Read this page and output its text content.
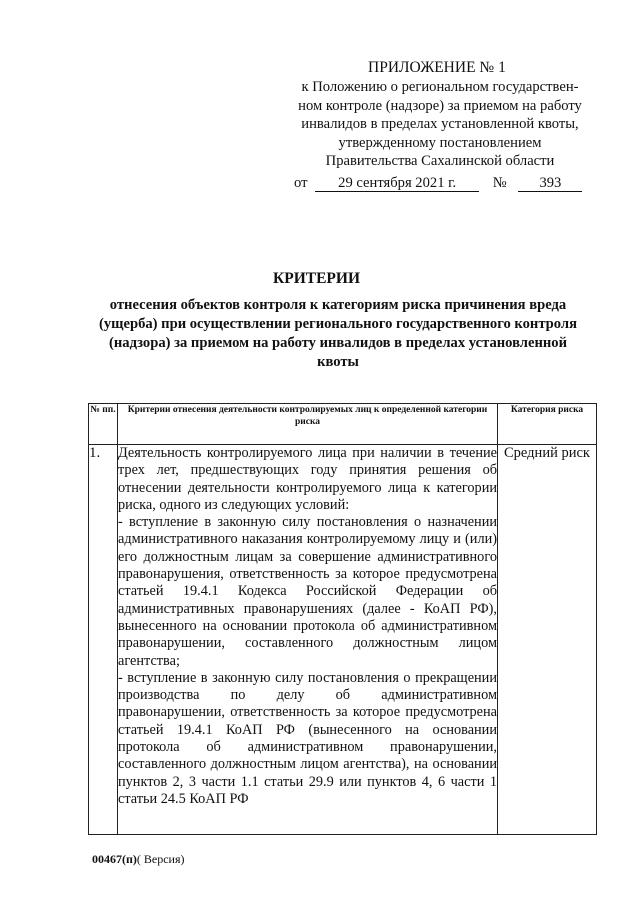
ПРИЛОЖЕНИЕ № 1
к Положению о региональном государствен-
ном контроле (надзоре) за приемом на работу
инвалидов в пределах установленной квоты,
утвержденному постановлением
Правительства Сахалинской области
от 29 сентября 2021 г.	№ 393
КРИТЕРИИ
отнесения объектов контроля к категориям риска причинения вреда (ущерба) при осуществлении регионального государственного контроля (надзора) за приемом на работу инвалидов в пределах установленной квоты
№ пп.	Критерии отнесения деятельности контролируемых лиц к определенной категории риска	Категория риска
1.	Деятельность контролируемого лица при наличии в течение трех лет, предшествующих году принятия решения об отнесении деятельности контролируемого лица к категории риска, одного из следующих условий:

- вступление в законную силу постановления о назначении административного наказания контролируемому лицу и (или) его должностным лицам за совершение административного правонарушения, ответственность за которое предусмотрена статьей 19.4.1 Кодекса Российской Федерации об административных правонарушениях (далее - КоАП РФ), вынесенного на основании протокола об административном правонарушении, составленного должностным лицом агентства;

- вступление в законную силу постановления о прекращении производства по делу об административном правонарушении, ответственность за которое предусмотрена статьей 19.4.1 КоАП РФ (вынесенного на основании протокола об административном правонарушении, составленного должностным лицом агентства), на основании пунктов 2, 3 части 1.1 статьи 29.9 или пунктов 4, 6 части 1 статьи 24.5 КоАП РФ	Средний риск
00467(п)( Версия)
